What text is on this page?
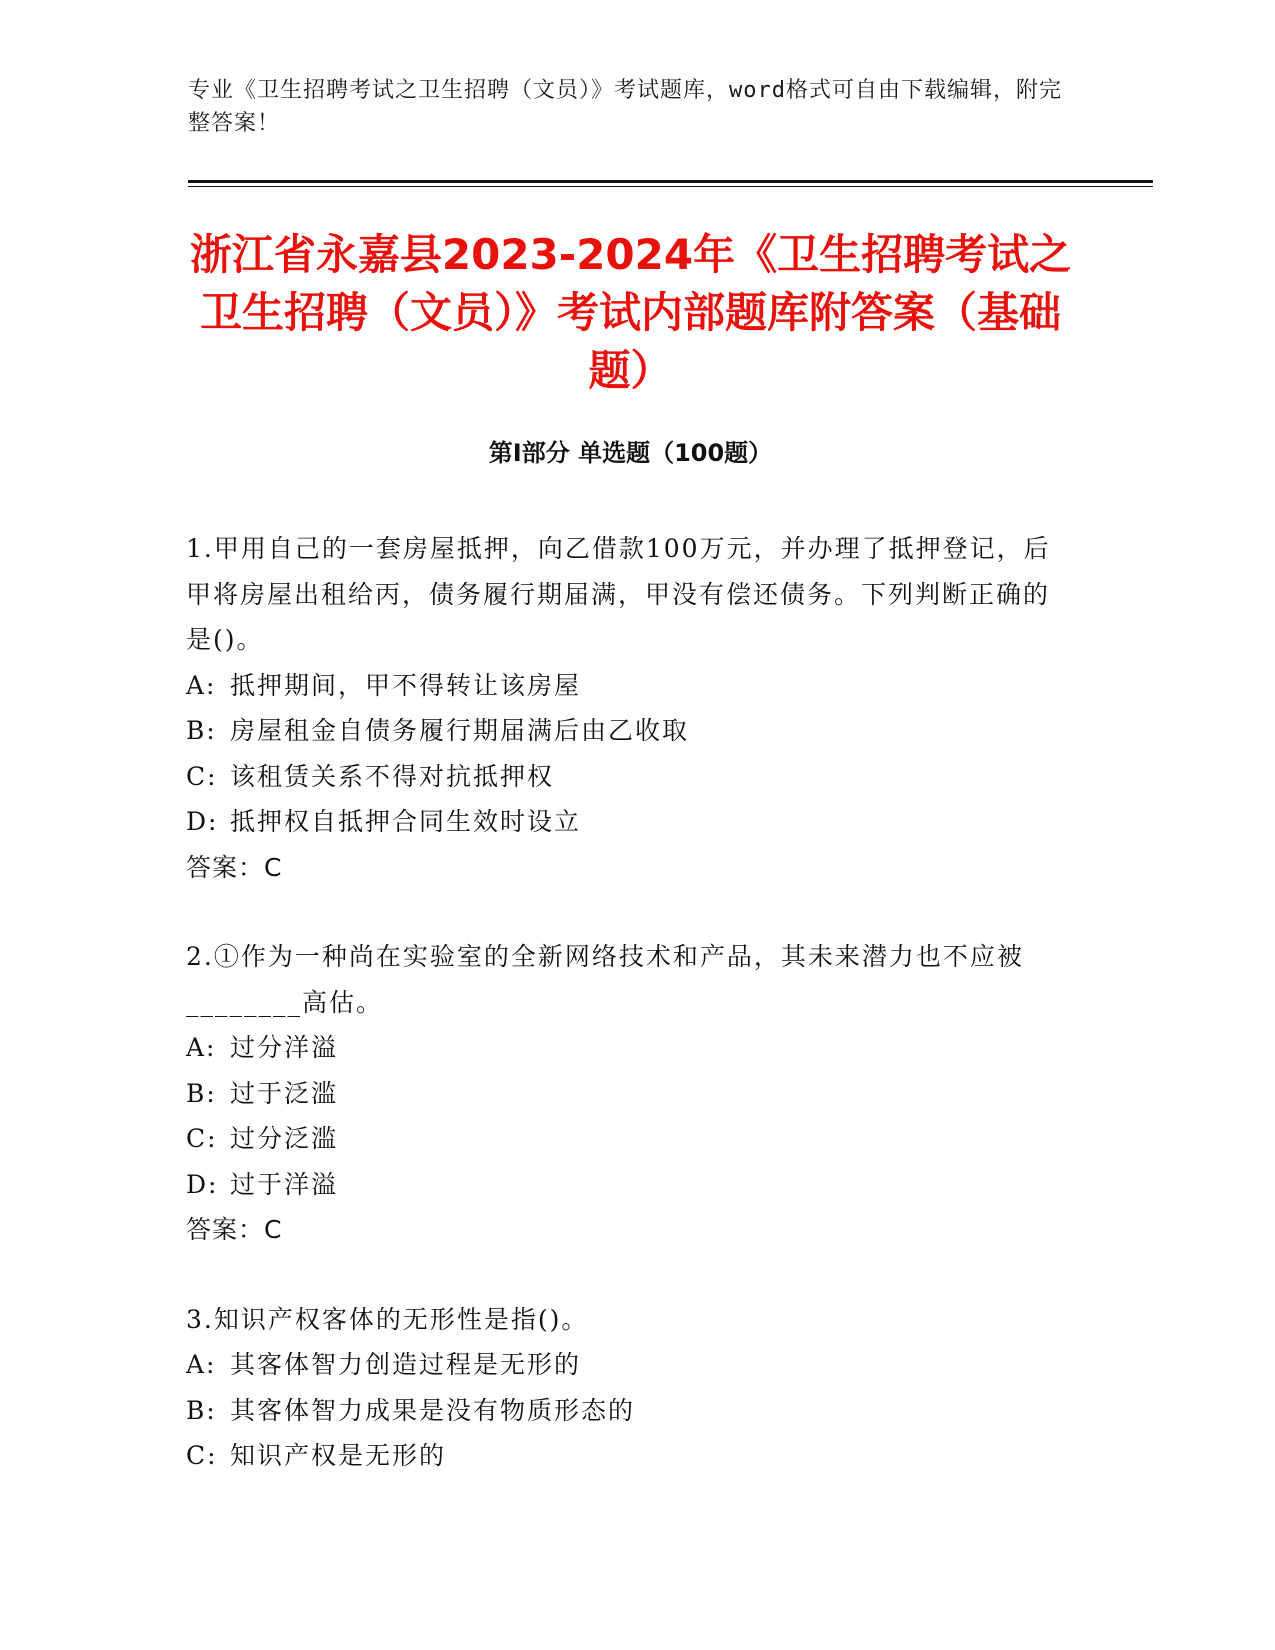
专业《卫生招聘考试之卫生招聘（文员）》考试题库，word格式可自由下载编辑，附完整答案！
浙江省永嘉县2023-2024年《卫生招聘考试之卫生招聘（文员）》考试内部题库附答案（基础题）
第Ⅰ部分 单选题（100题）
1.甲用自己的一套房屋抵押，向乙借款100万元，并办理了抵押登记，后甲将房屋出租给丙，债务履行期届满，甲没有偿还债务。下列判断正确的是()。
A: 抵押期间，甲不得转让该房屋
B: 房屋租金自债务履行期届满后由乙收取
C: 该租赁关系不得对抗抵押权
D: 抵押权自抵押合同生效时设立
答案：C
2.①作为一种尚在实验室的全新网络技术和产品，其未来潜力也不应被________高估。
A: 过分洋溢
B: 过于泛滥
C: 过分泛滥
D: 过于洋溢
答案：C
3.知识产权客体的无形性是指()。
A: 其客体智力创造过程是无形的
B: 其客体智力成果是没有物质形态的
C: 知识产权是无形的
